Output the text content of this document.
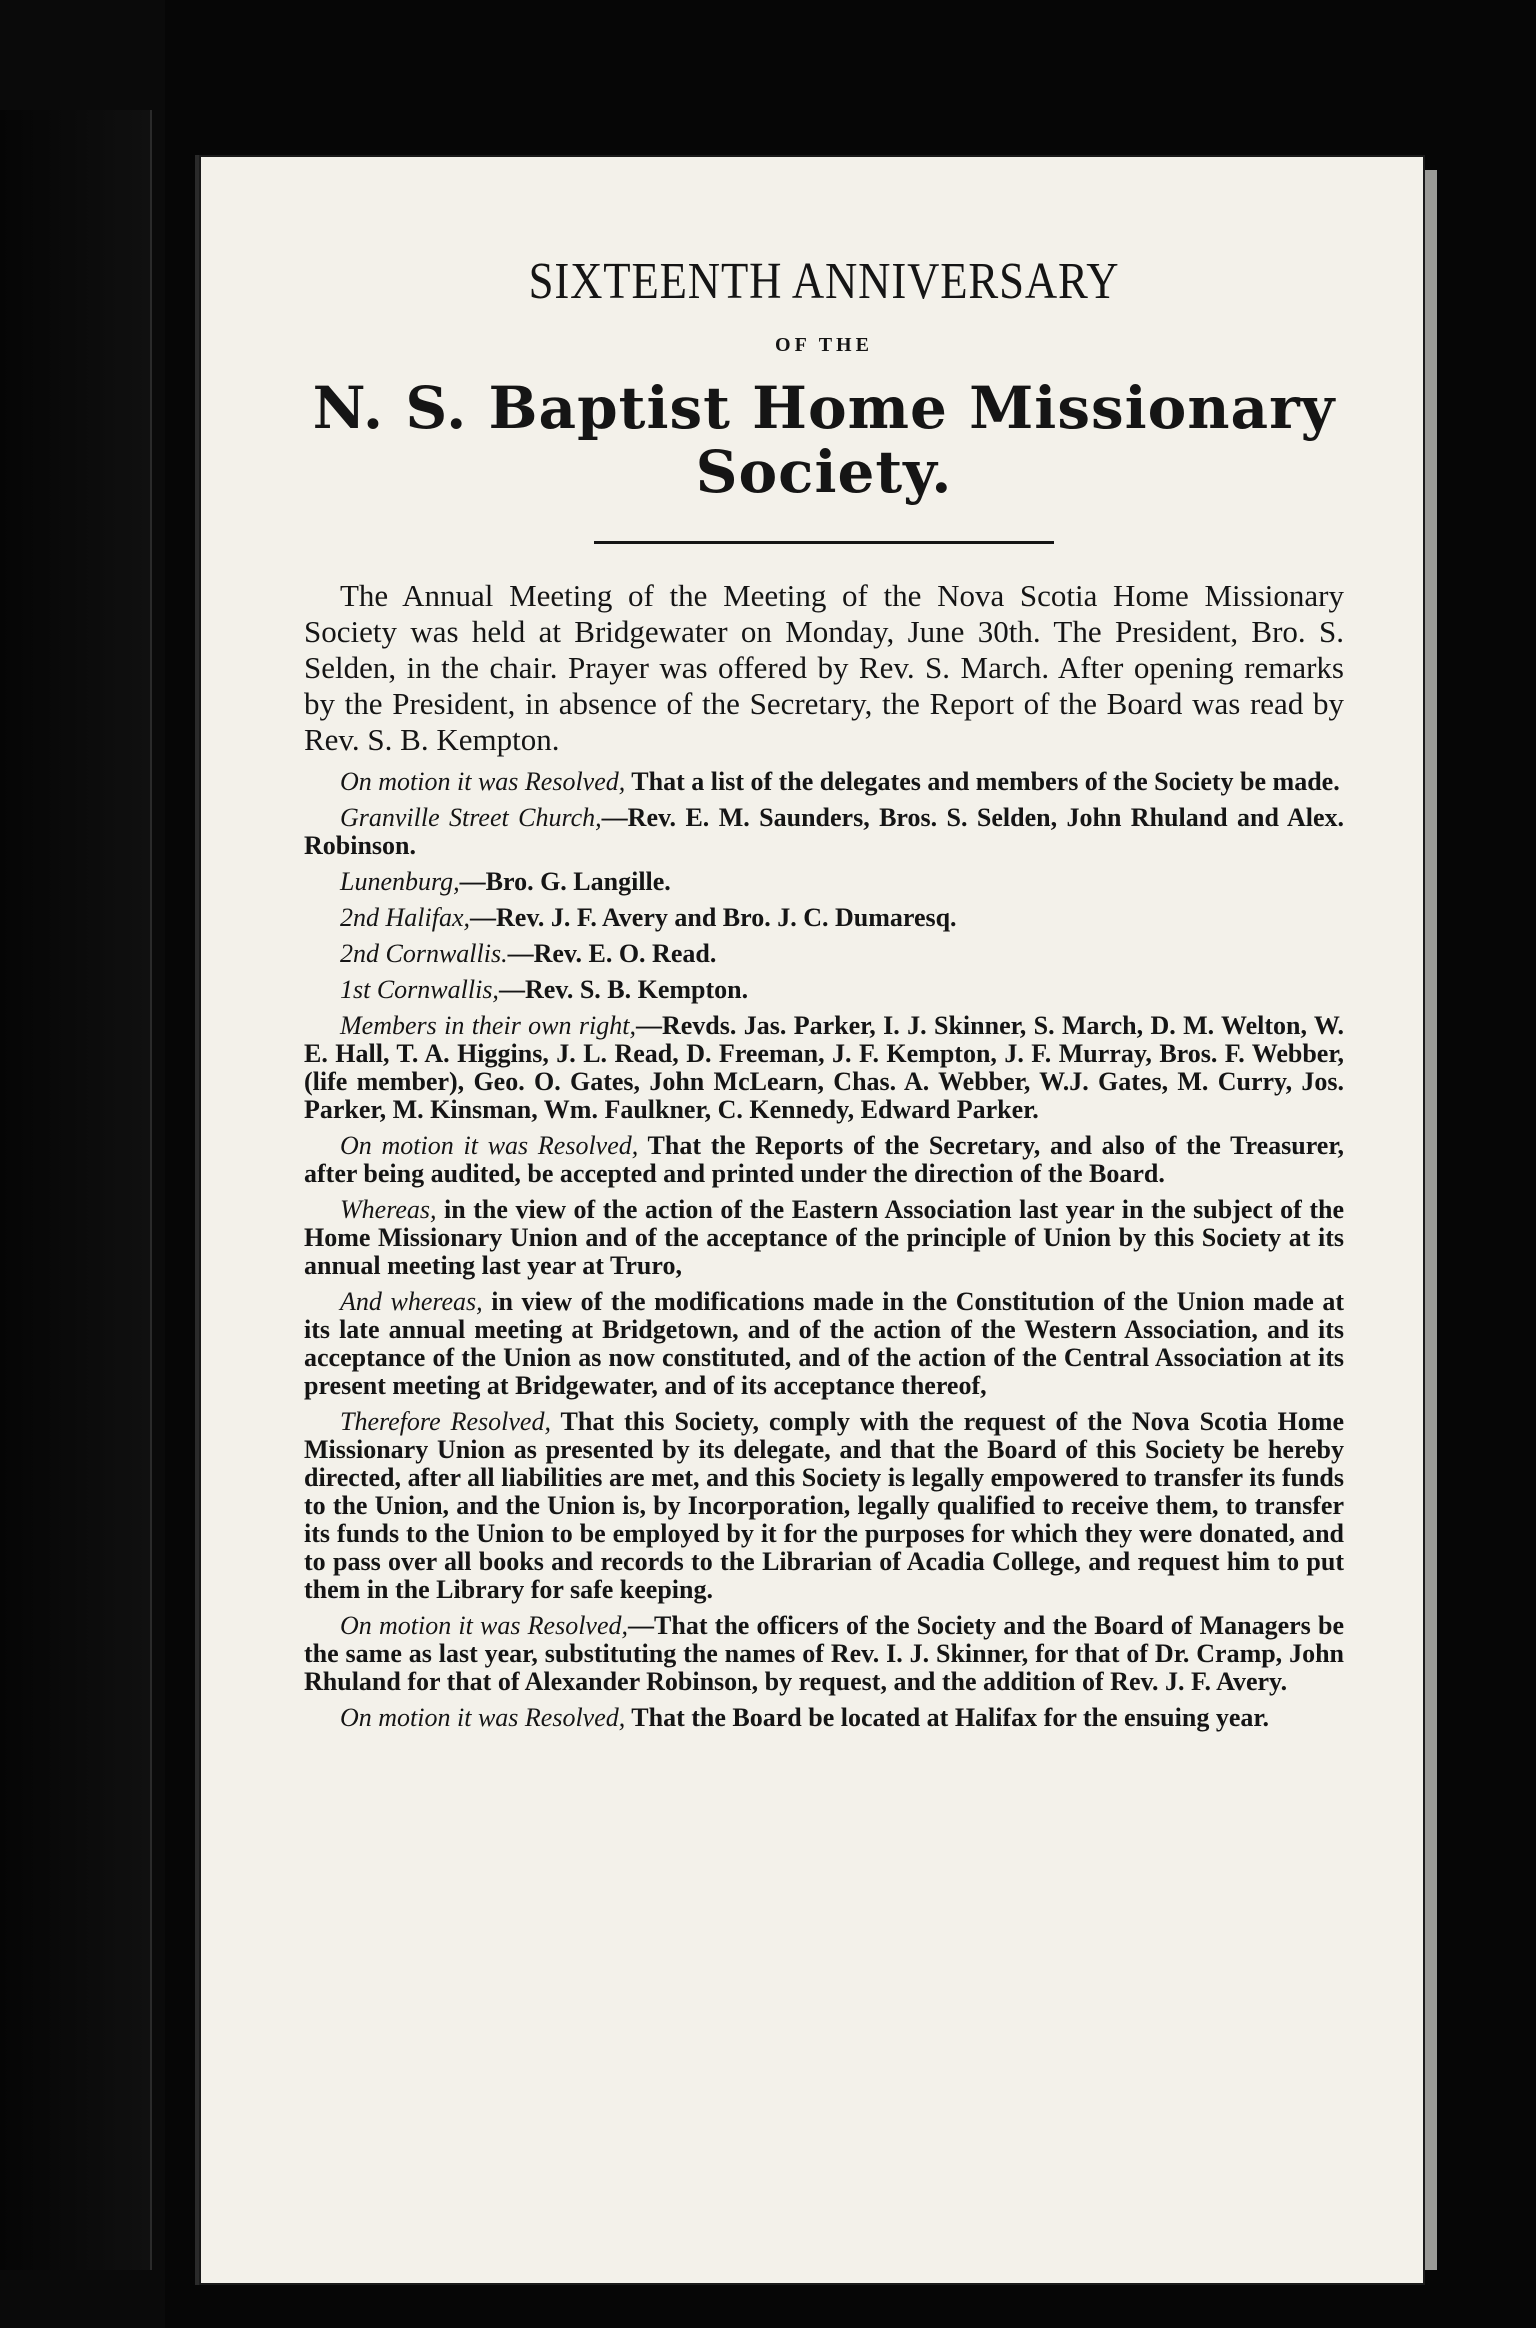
SIXTEENTH ANNIVERSARY
OF THE
N. S. Baptist Home Missionary Society.

The Annual Meeting of the Meeting of the Nova Scotia Home Missionary Society was held at Bridgewater on Monday, June 30th. The President, Bro. S. Selden, in the chair. Prayer was offered by Rev. S. March. After opening remarks by the President, in absence of the Secretary, the Report of the Board was read by Rev. S. B. Kempton.

On motion it was Resolved, That a list of the delegates and members of the Society be made.

Granville Street Church,—Rev. E. M. Saunders, Bros. S. Selden, John Rhuland and Alex. Robinson.

Lunenburg,—Bro. G. Langille.

2nd Halifax,—Rev. J. F. Avery and Bro. J. C. Dumaresq.

2nd Cornwallis.—Rev. E. O. Read.

1st Cornwallis,—Rev. S. B. Kempton.

Members in their own right,—Revds. Jas. Parker, I. J. Skinner, S. March, D. M. Welton, W. E. Hall, T. A. Higgins, J. L. Read, D. Freeman, J. F. Kempton, J. F. Murray, Bros. F. Webber, (life member), Geo. O. Gates, John McLearn, Chas. A. Webber, W.J. Gates, M. Curry, Jos. Parker, M. Kinsman, Wm. Faulkner, C. Kennedy, Edward Parker.

On motion it was Resolved, That the Reports of the Secretary, and also of the Treasurer, after being audited, be accepted and printed under the direction of the Board.

Whereas, in the view of the action of the Eastern Association last year in the subject of the Home Missionary Union and of the acceptance of the principle of Union by this Society at its annual meeting last year at Truro,

And whereas, in view of the modifications made in the Constitution of the Union made at its late annual meeting at Bridgetown, and of the action of the Western Association, and its acceptance of the Union as now constituted, and of the action of the Central Association at its present meeting at Bridgewater, and of its acceptance thereof,

Therefore Resolved, That this Society, comply with the request of the Nova Scotia Home Missionary Union as presented by its delegate, and that the Board of this Society be hereby directed, after all liabilities are met, and this Society is legally empowered to transfer its funds to the Union, and the Union is, by Incorporation, legally qualified to receive them, to transfer its funds to the Union to be employed by it for the purposes for which they were donated, and to pass over all books and records to the Librarian of Acadia College, and request him to put them in the Library for safe keeping.

On motion it was Resolved,—That the officers of the Society and the Board of Managers be the same as last year, substituting the names of Rev. I. J. Skinner, for that of Dr. Cramp, John Rhuland for that of Alexander Robinson, by request, and the addition of Rev. J. F. Avery.

On motion it was Resolved, That the Board be located at Halifax for the ensuing year.
